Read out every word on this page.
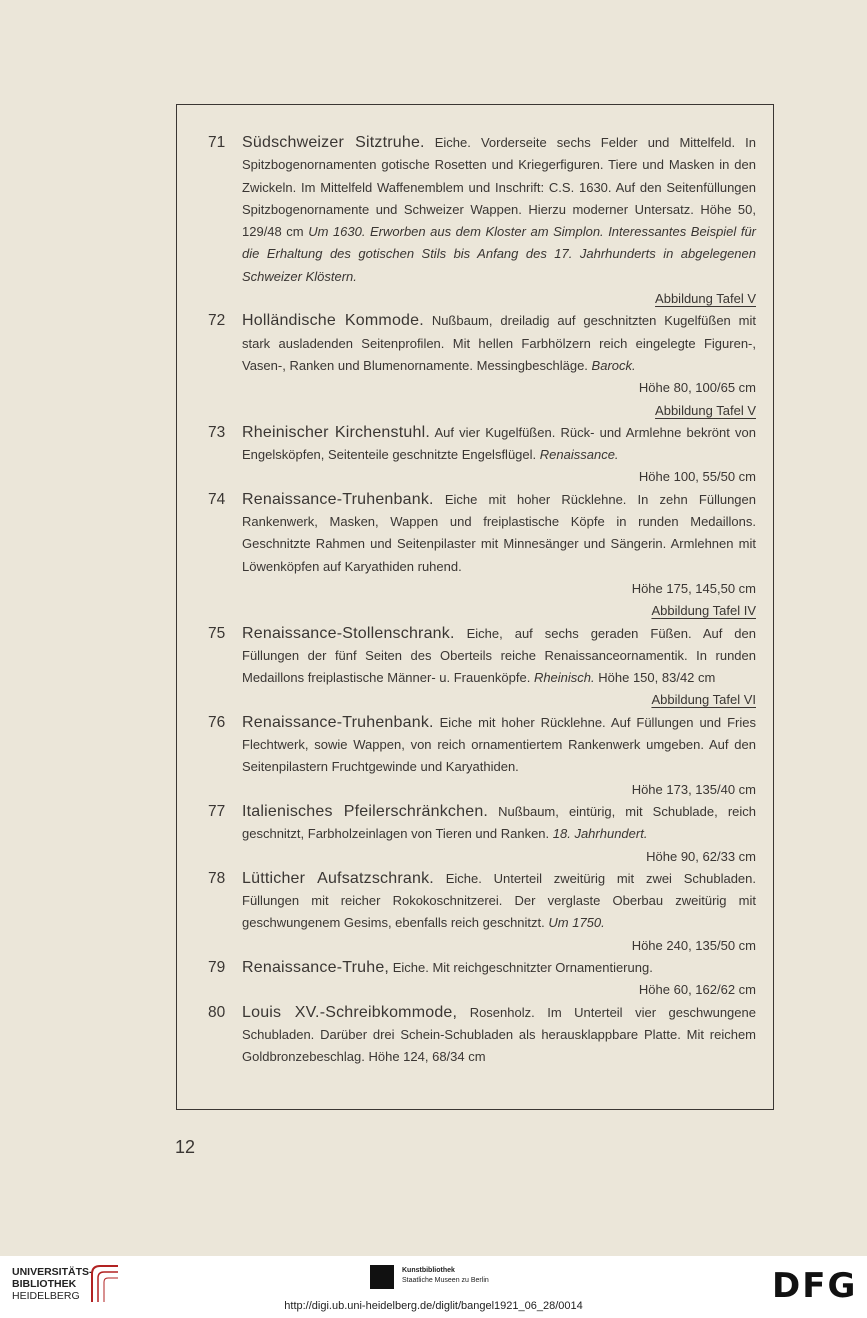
71 Südschweizer Sitztruhe. Eiche. Vorderseite sechs Felder und Mittelfeld. In Spitzbogenornamenten gotische Rosetten und Kriegerfiguren. Tiere und Masken in den Zwickeln. Im Mittelfeld Waffenemblem und Inschrift: C.S. 1630. Auf den Seitenfüllungen Spitzbogenornamente und Schweizer Wappen. Hierzu moderner Untersatz. Höhe 50, 129/48 cm Um 1630. Erworben aus dem Kloster am Simplon. Interessantes Beispiel für die Erhaltung des gotischen Stils bis Anfang des 17. Jahrhunderts in abgelegenen Schweizer Klöstern.
Abbildung Tafel V
72 Holländische Kommode. Nußbaum, dreiladig auf geschnitzten Kugelfüßen mit stark ausladenden Seitenprofilen. Mit hellen Farbhölzern reich eingelegte Figuren-, Vasen-, Ranken und Blumenornamente. Messingbeschläge. Barock.
Höhe 80, 100/65 cm
Abbildung Tafel V
73 Rheinischer Kirchenstuhl. Auf vier Kugelfüßen. Rück- und Armlehne bekrönt von Engelsköpfen, Seitenteile geschnitzte Engelsflügel. Renaissance.
Höhe 100, 55/50 cm
74 Renaissance-Truhenbank. Eiche mit hoher Rücklehne. In zehn Füllungen Rankenwerk, Masken, Wappen und freiplastische Köpfe in runden Medaillons. Geschnitzte Rahmen und Seitenpilaster mit Minnesänger und Sängerin. Armlehnen mit Löwenköpfen auf Karyathiden ruhend.
Höhe 175, 145,50 cm
Abbildung Tafel IV
75 Renaissance-Stollenschrank. Eiche, auf sechs geraden Füßen. Auf den Füllungen der fünf Seiten des Oberteils reiche Renaissanceornamentik. In runden Medaillons freiplastische Männer- u. Frauenköpfe. Rheinisch. Höhe 150, 83/42 cm
Abbildung Tafel VI
76 Renaissance-Truhenbank. Eiche mit hoher Rücklehne. Auf Füllungen und Fries Flechtwerk, sowie Wappen, von reich ornamentiertem Rankenwerk umgeben. Auf den Seitenpilastern Fruchtgewinde und Karyathiden.
Höhe 173, 135/40 cm
77 Italienisches Pfeilerschränkchen. Nußbaum, eintürig, mit Schublade, reich geschnitzt, Farbholzeinlagen von Tieren und Ranken. 18. Jahrhundert.
Höhe 90, 62/33 cm
78 Lütticher Aufsatzschrank. Eiche. Unterteil zweitürig mit zwei Schubladen. Füllungen mit reicher Rokokoschnitzerei. Der verglaste Oberbau zweitürig mit geschwungenem Gesims, ebenfalls reich geschnitzt. Um 1750.
Höhe 240, 135/50 cm
79 Renaissance-Truhe, Eiche. Mit reichgeschnitzter Ornamentierung.
Höhe 60, 162/62 cm
80 Louis XV.-Schreibkommode, Rosenholz. Im Unterteil vier geschwungene Schubladen. Darüber drei Schein-Schubladen als herausklappbare Platte. Mit reichem Goldbronzebeschlag. Höhe 124, 68/34 cm
12
UNIVERSITÄTS-
BIBLIOTHEK
HEIDELBERG
Kunstbibliothek
Staatliche Museen zu Berlin	DFG
http://digi.ub.uni-heidelberg.de/diglit/bangel1921_06_28/0014
